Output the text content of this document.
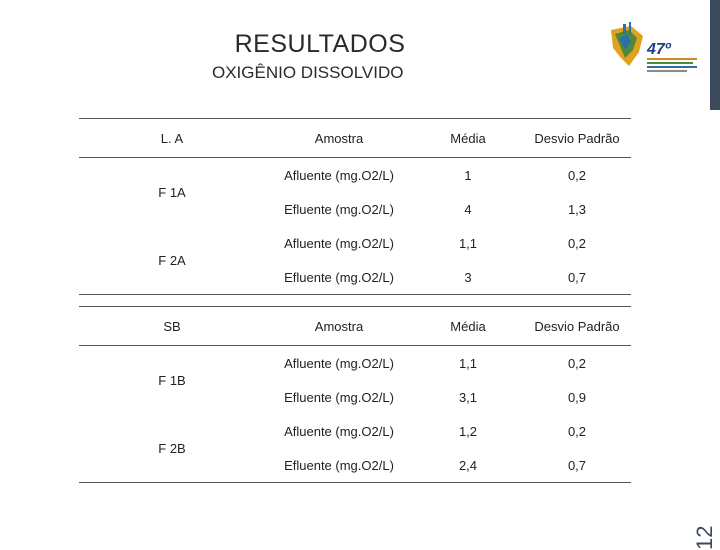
RESULTADOS
OXIGÊNIO DISSOLVIDO
47º
12
L. A	Amostra	Média	Desvio Padrão
F 1A	Afluente (mg.O2/L)	1	0,2
	Efluente (mg.O2/L)	4	1,3
F 2A	Afluente (mg.O2/L)	1,1	0,2
	Efluente (mg.O2/L)	3	0,7
SB	Amostra	Média	Desvio Padrão
F 1B	Afluente (mg.O2/L)	1,1	0,2
	Efluente (mg.O2/L)	3,1	0,9
F 2B	Afluente (mg.O2/L)	1,2	0,2
	Efluente (mg.O2/L)	2,4	0,7
